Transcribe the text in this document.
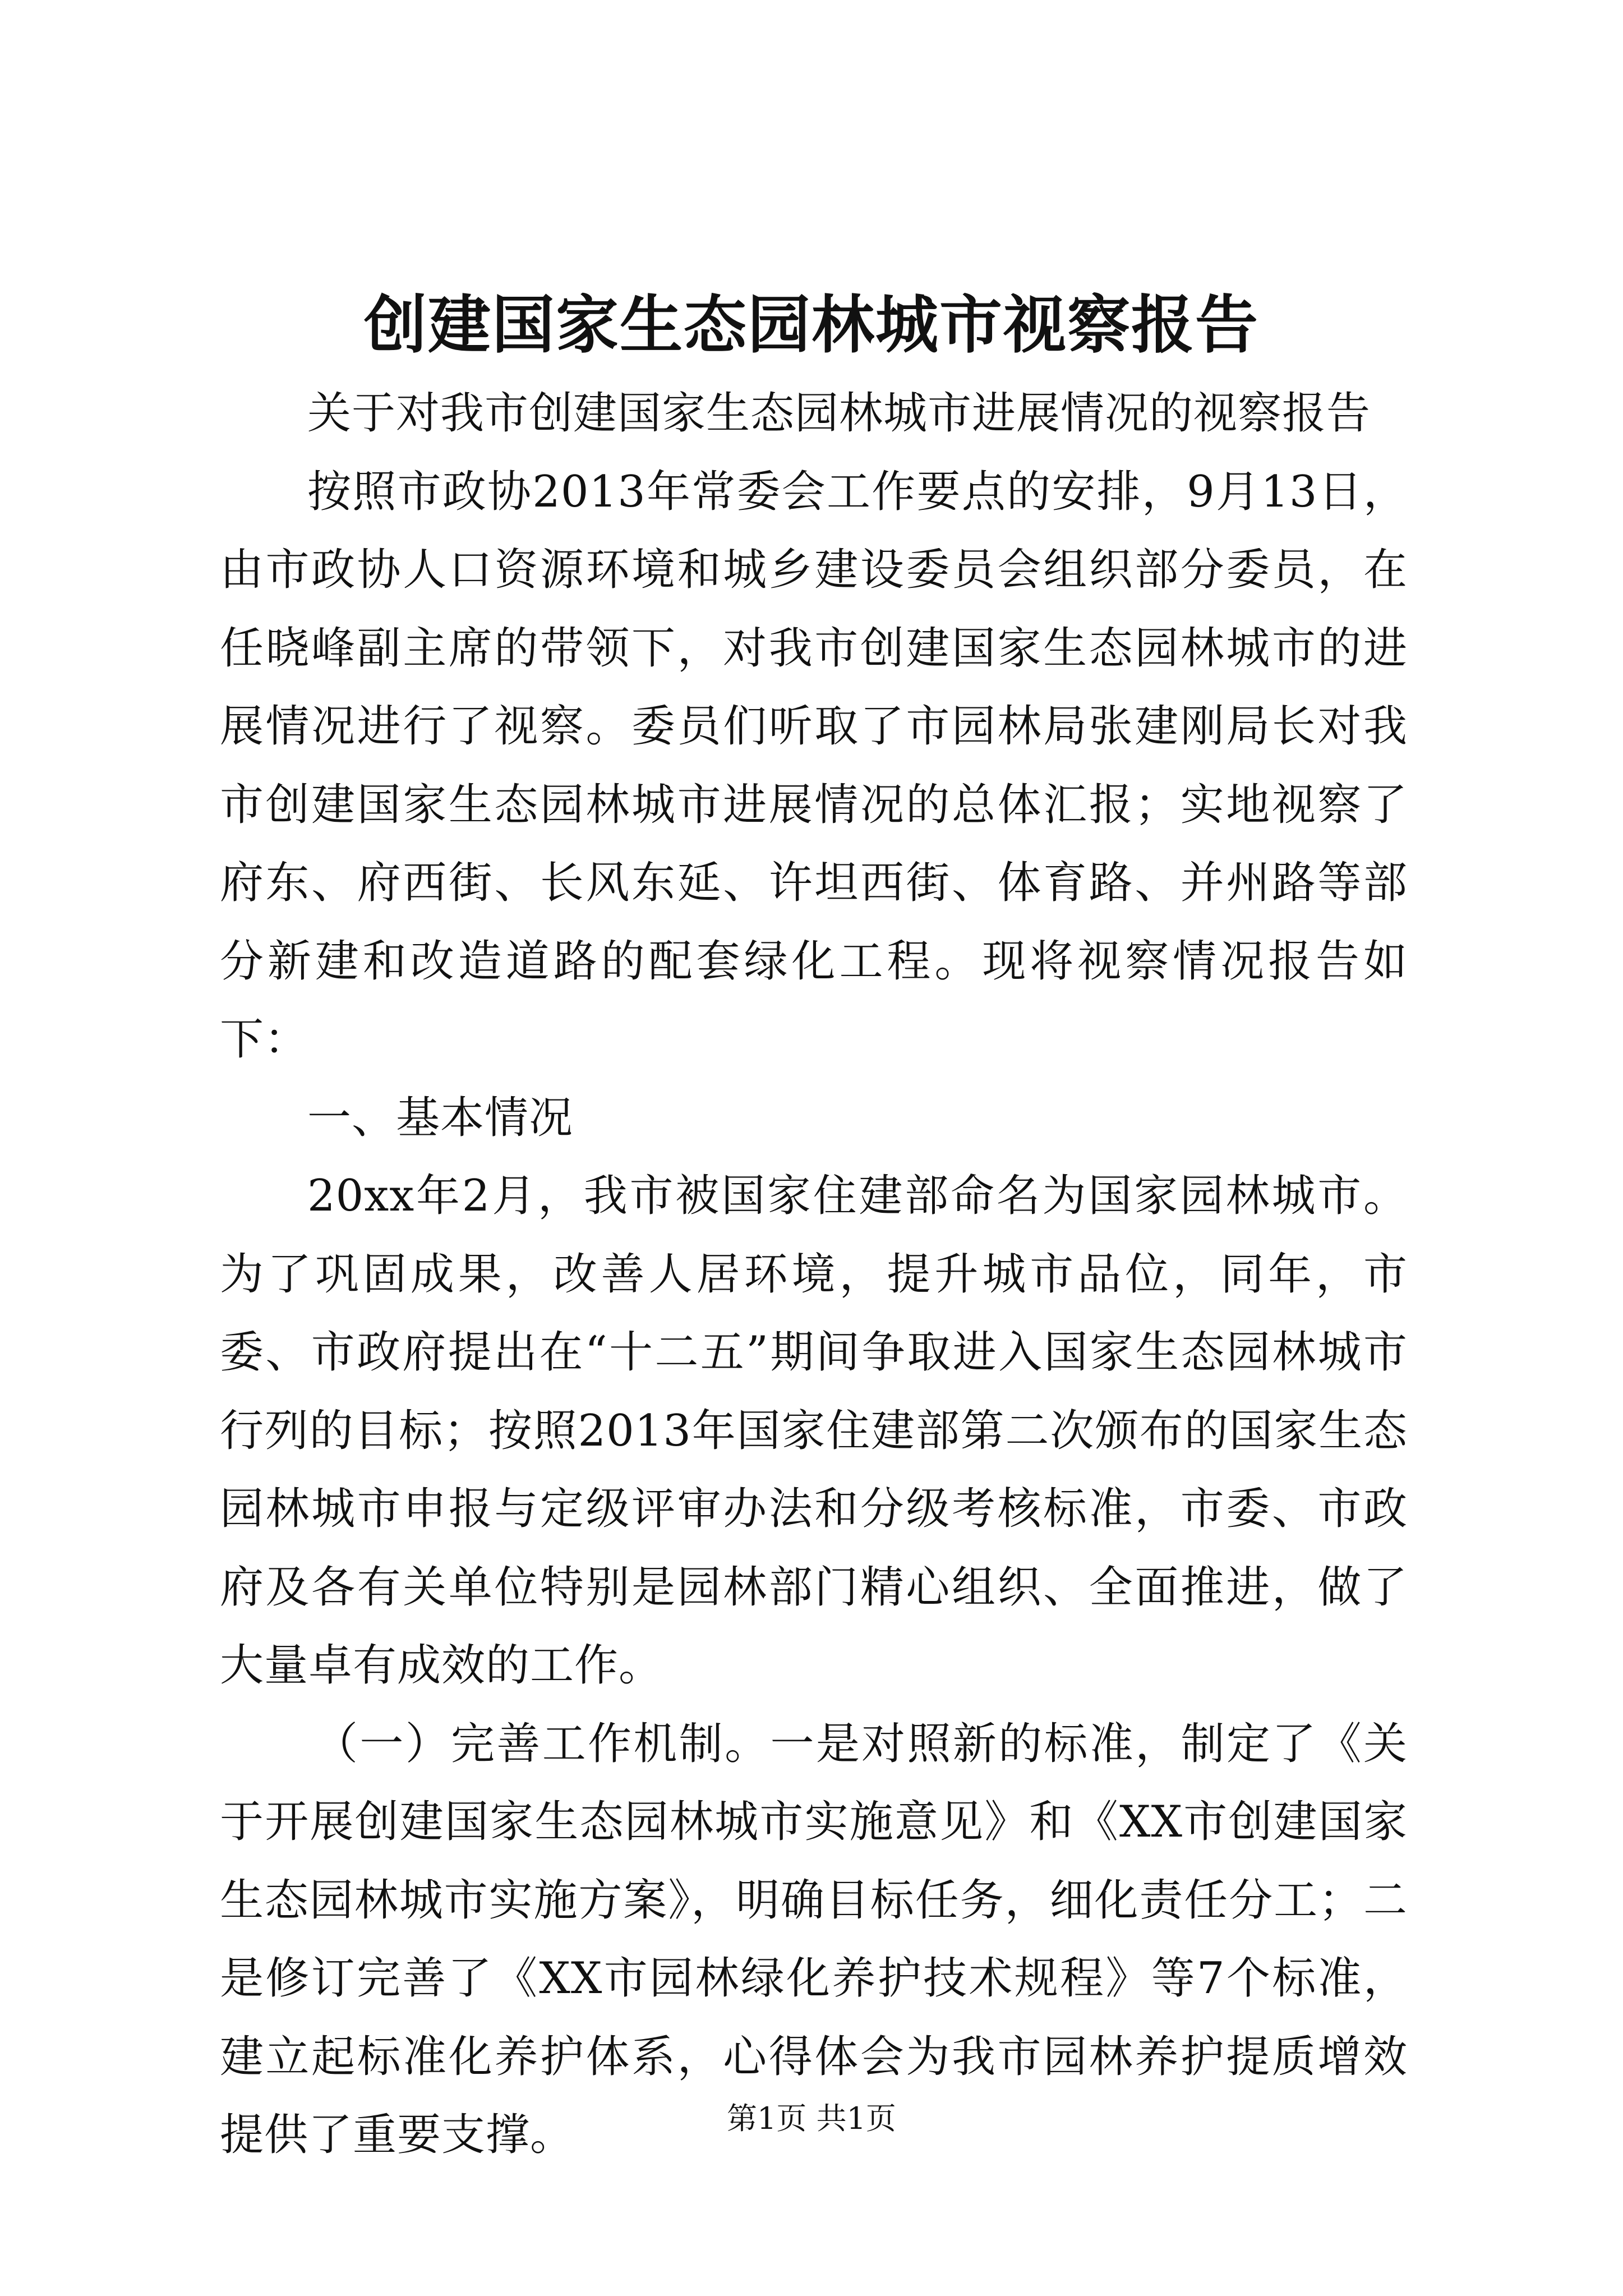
创建国家生态园林城市视察报告

关于对我市创建国家生态园林城市进展情况的视察报告

按照市政协2013年常委会工作要点的安排，9月13日，由市政协人口资源环境和城乡建设委员会组织部分委员，在任晓峰副主席的带领下，对我市创建国家生态园林城市的进展情况进行了视察。委员们听取了市园林局张建刚局长对我市创建国家生态园林城市进展情况的总体汇报；实地视察了府东、府西街、长风东延、许坦西街、体育路、并州路等部分新建和改造道路的配套绿化工程。现将视察情况报告如下：

一、基本情况

20xx年2月，我市被国家住建部命名为国家园林城市。为了巩固成果，改善人居环境，提升城市品位，同年，市委、市政府提出在“十二五”期间争取进入国家生态园林城市行列的目标；按照2013年国家住建部第二次颁布的国家生态园林城市申报与定级评审办法和分级考核标准，市委、市政府及各有关单位特别是园林部门精心组织、全面推进，做了大量卓有成效的工作。

（一）完善工作机制。一是对照新的标准，制定了《关于开展创建国家生态园林城市实施意见》和《XX市创建国家生态园林城市实施方案》，明确目标任务，细化责任分工；二是修订完善了《XX市园林绿化养护技术规程》等7个标准，建立起标准化养护体系，心得体会为我市园林养护提质增效提供了重要支撑。	第1页 共1页
